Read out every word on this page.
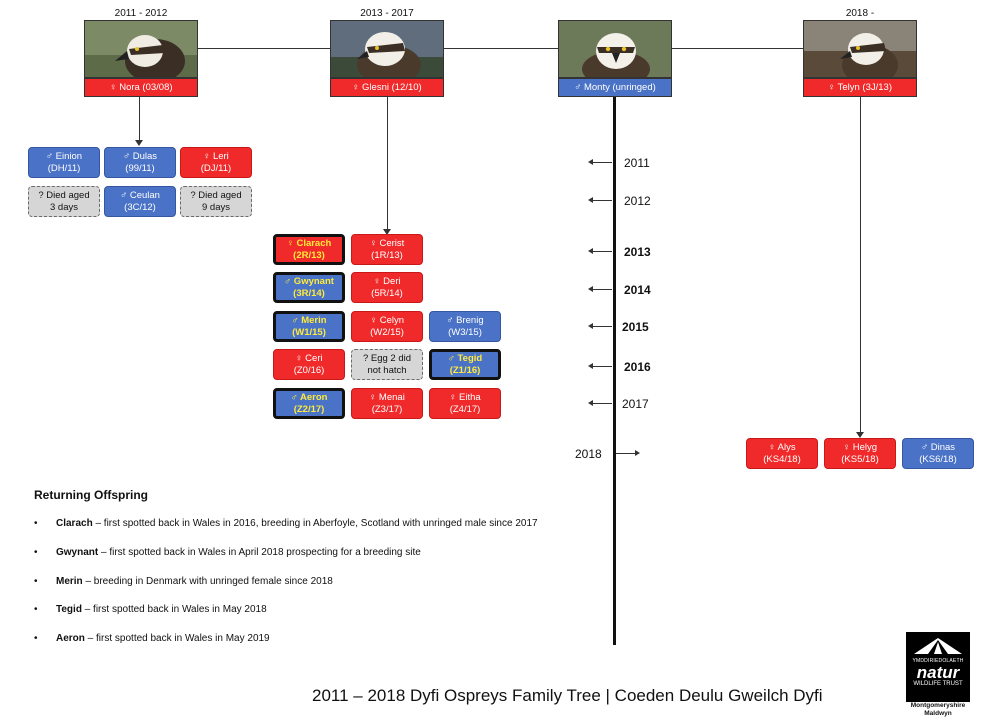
2011 - 2012	2013 - 2017	2018 -
♀ Nora (03/08)	♀ Glesni (12/10)	♂ Monty (unringed)	♀ Telyn (3J/13)
♂ Einion
(DH/11)
♂ Dulas
(99/11)
♀ Leri
(DJ/11)
? Died aged
3 days
♂ Ceulan
(3C/12)
? Died aged
9 days
♀ Clarach
(2R/13)
♀ Cerist
(1R/13)
♂ Gwynant
(3R/14)
♀ Deri
(5R/14)
♂ Merin
(W1/15)
♀ Celyn
(W2/15)
♂ Brenig
(W3/15)
♀ Ceri
(Z0/16)
? Egg 2 did
not hatch
♂ Tegid
(Z1/16)
♂ Aeron
(Z2/17)
♀ Menai
(Z3/17)
♀ Eitha
(Z4/17)
♀ Alys
(KS4/18)
♀ Helyg
(KS5/18)
♂ Dinas
(KS6/18)
2011
2012
2013
2014
2015
2016
2017
2018
Returning Offspring
• Clarach – first spotted back in Wales in 2016, breeding in Aberfoyle, Scotland with unringed male since 2017
• Gwynant – first spotted back in Wales in April 2018 prospecting for a breeding site
• Merin – breeding in Denmark with unringed female since 2018
• Tegid – first spotted back in Wales in May 2018
• Aeron – first spotted back in Wales in May 2019
2011 – 2018 Dyfi Ospreys Family Tree | Coeden Deulu Gweilch Dyfi
YMDDIRIEDOLAETH
natur
WILDLIFE TRUST
Montgomeryshire
Maldwyn
